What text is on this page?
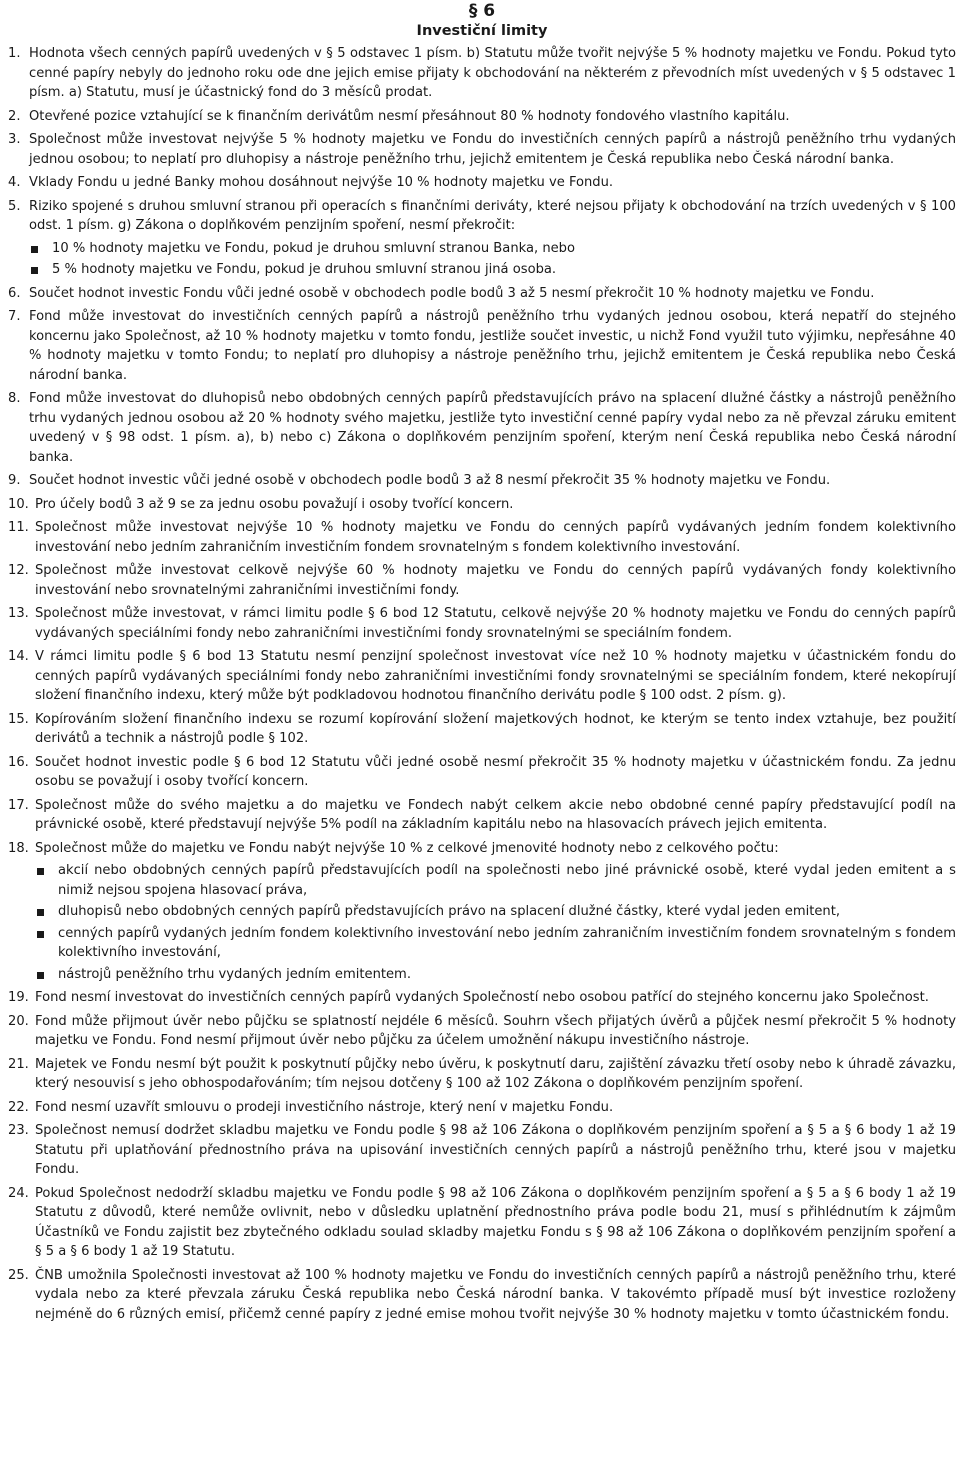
§ 6
Investiční limity
1. Hodnota všech cenných papírů uvedených v § 5 odstavec 1 písm. b) Statutu může tvořit nejvýše 5 % hodnoty majetku ve Fondu. Pokud tyto cenné papíry nebyly do jednoho roku ode dne jejich emise přijaty k obchodování na některém z převodních míst uvedených v § 5 odstavec 1 písm. a) Statutu, musí je účastnický fond do 3 měsíců prodat.
2. Otevřené pozice vztahující se k finančním derivátům nesmí přesáhnout 80 % hodnoty fondového vlastního kapitálu.
3. Společnost může investovat nejvýše 5 % hodnoty majetku ve Fondu do investičních cenných papírů a nástrojů peněžního trhu vydaných jednou osobou; to neplatí pro dluhopisy a nástroje peněžního trhu, jejichž emitentem je Česká republika nebo Česká národní banka.
4. Vklady Fondu u jedné Banky mohou dosáhnout nejvýše 10 % hodnoty majetku ve Fondu.
5. Riziko spojené s druhou smluvní stranou při operacích s finančními deriváty, které nejsou přijaty k obchodování na trzích uvedených v § 100 odst. 1 písm. g) Zákona o doplňkovém penzijním spoření, nesmí překročit:
10 % hodnoty majetku ve Fondu, pokud je druhou smluvní stranou Banka, nebo
5 % hodnoty majetku ve Fondu, pokud je druhou smluvní stranou jiná osoba.
6. Součet hodnot investic Fondu vůči jedné osobě v obchodech podle bodů 3 až 5 nesmí překročit 10 % hodnoty majetku ve Fondu.
7. Fond může investovat do investičních cenných papírů a nástrojů peněžního trhu vydaných jednou osobou, která nepatří do stejného koncernu jako Společnost, až 10 % hodnoty majetku v tomto fondu, jestliže součet investic, u nichž Fond využil tuto výjimku, nepřesáhne 40 % hodnoty majetku v tomto Fondu; to neplatí pro dluhopisy a nástroje peněžního trhu, jejichž emitentem je Česká republika nebo Česká národní banka.
8. Fond může investovat do dluhopisů nebo obdobných cenných papírů představujících právo na splacení dlužné částky a nástrojů peněžního trhu vydaných jednou osobou až 20 % hodnoty svého majetku, jestliže tyto investiční cenné papíry vydal nebo za ně převzal záruku emitent uvedený v § 98 odst. 1 písm. a), b) nebo c) Zákona o doplňkovém penzijním spoření, kterým není Česká republika nebo Česká národní banka.
9. Součet hodnot investic vůči jedné osobě v obchodech podle bodů 3 až 8 nesmí překročit 35 % hodnoty majetku ve Fondu.
10. Pro účely bodů 3 až 9 se za jednu osobu považují i osoby tvořící koncern.
11. Společnost může investovat nejvýše 10 % hodnoty majetku ve Fondu do cenných papírů vydávaných jedním fondem kolektivního investování nebo jedním zahraničním investičním fondem srovnatelným s fondem kolektivního investování.
12. Společnost může investovat celkově nejvýše 60 % hodnoty majetku ve Fondu do cenných papírů vydávaných fondy kolektivního investování nebo srovnatelnými zahraničními investičními fondy.
13. Společnost může investovat, v rámci limitu podle § 6 bod 12 Statutu, celkově nejvýše 20 % hodnoty majetku ve Fondu do cenných papírů vydávaných speciálními fondy nebo zahraničními investičními fondy srovnatelnými se speciálním fondem.
14. V rámci limitu podle § 6 bod 13 Statutu nesmí penzijní společnost investovat více než 10 % hodnoty majetku v účastnickém fondu do cenných papírů vydávaných speciálními fondy nebo zahraničními investičními fondy srovnatelnými se speciálním fondem, které nekopírují složení finančního indexu, který může být podkladovou hodnotou finančního derivátu podle § 100 odst. 2 písm. g).
15. Kopírováním složení finančního indexu se rozumí kopírování složení majetkových hodnot, ke kterým se tento index vztahuje, bez použití derivátů a technik a nástrojů podle § 102.
16. Součet hodnot investic podle § 6 bod 12 Statutu vůči jedné osobě nesmí překročit 35 % hodnoty majetku v účastnickém fondu. Za jednu osobu se považují i osoby tvořící koncern.
17. Společnost může do svého majetku a do majetku ve Fondech nabýt celkem akcie nebo obdobné cenné papíry představující podíl na právnické osobě, které představují nejvýše 5% podíl na základním kapitálu nebo na hlasovacích právech jejich emitenta.
18. Společnost může do majetku ve Fondu nabýt nejvýše 10 % z celkové jmenovité hodnoty nebo z celkového počtu:
akcií nebo obdobných cenných papírů představujících podíl na společnosti nebo jiné právnické osobě, které vydal jeden emitent a s nimiž nejsou spojena hlasovací práva,
dluhopisů nebo obdobných cenných papírů představujících právo na splacení dlužné částky, které vydal jeden emitent,
cenných papírů vydaných jedním fondem kolektivního investování nebo jedním zahraničním investičním fondem srovnatelným s fondem kolektivního investování,
nástrojů peněžního trhu vydaných jedním emitentem.
19. Fond nesmí investovat do investičních cenných papírů vydaných Společností nebo osobou patřící do stejného koncernu jako Společnost.
20. Fond může přijmout úvěr nebo půjčku se splatností nejdéle 6 měsíců. Souhrn všech přijatých úvěrů a půjček nesmí překročit 5 % hodnoty majetku ve Fondu. Fond nesmí přijmout úvěr nebo půjčku za účelem umožnění nákupu investičního nástroje.
21. Majetek ve Fondu nesmí být použit k poskytnutí půjčky nebo úvěru, k poskytnutí daru, zajištění závazku třetí osoby nebo k úhradě závazku, který nesouvisí s jeho obhospodařováním; tím nejsou dotčeny § 100 až 102 Zákona o doplňkovém penzijním spoření.
22. Fond nesmí uzavřít smlouvu o prodeji investičního nástroje, který není v majetku Fondu.
23. Společnost nemusí dodržet skladbu majetku ve Fondu podle § 98 až 106 Zákona o doplňkovém penzijním spoření a § 5 a § 6 body 1 až 19 Statutu při uplatňování přednostního práva na upisování investičních cenných papírů a nástrojů peněžního trhu, které jsou v majetku Fondu.
24. Pokud Společnost nedodrží skladbu majetku ve Fondu podle § 98 až 106 Zákona o doplňkovém penzijním spoření a § 5 a § 6 body 1 až 19 Statutu z důvodů, které nemůže ovlivnit, nebo v důsledku uplatnění přednostního práva podle bodu 21, musí s přihlédnutím k zájmům Účastníků ve Fondu zajistit bez zbytečného odkladu soulad skladby majetku Fondu s § 98 až 106 Zákona o doplňkovém penzijním spoření a § 5 a § 6 body 1 až 19 Statutu.
25. ČNB umožnila Společnosti investovat až 100 % hodnoty majetku ve Fondu do investičních cenných papírů a nástrojů peněžního trhu, které vydala nebo za které převzala záruku Česká republika nebo Česká národní banka. V takovémto případě musí být investice rozloženy nejméně do 6 různých emisí, přičemž cenné papíry z jedné emise mohou tvořit nejvýše 30 % hodnoty majetku v tomto účastnickém fondu.
